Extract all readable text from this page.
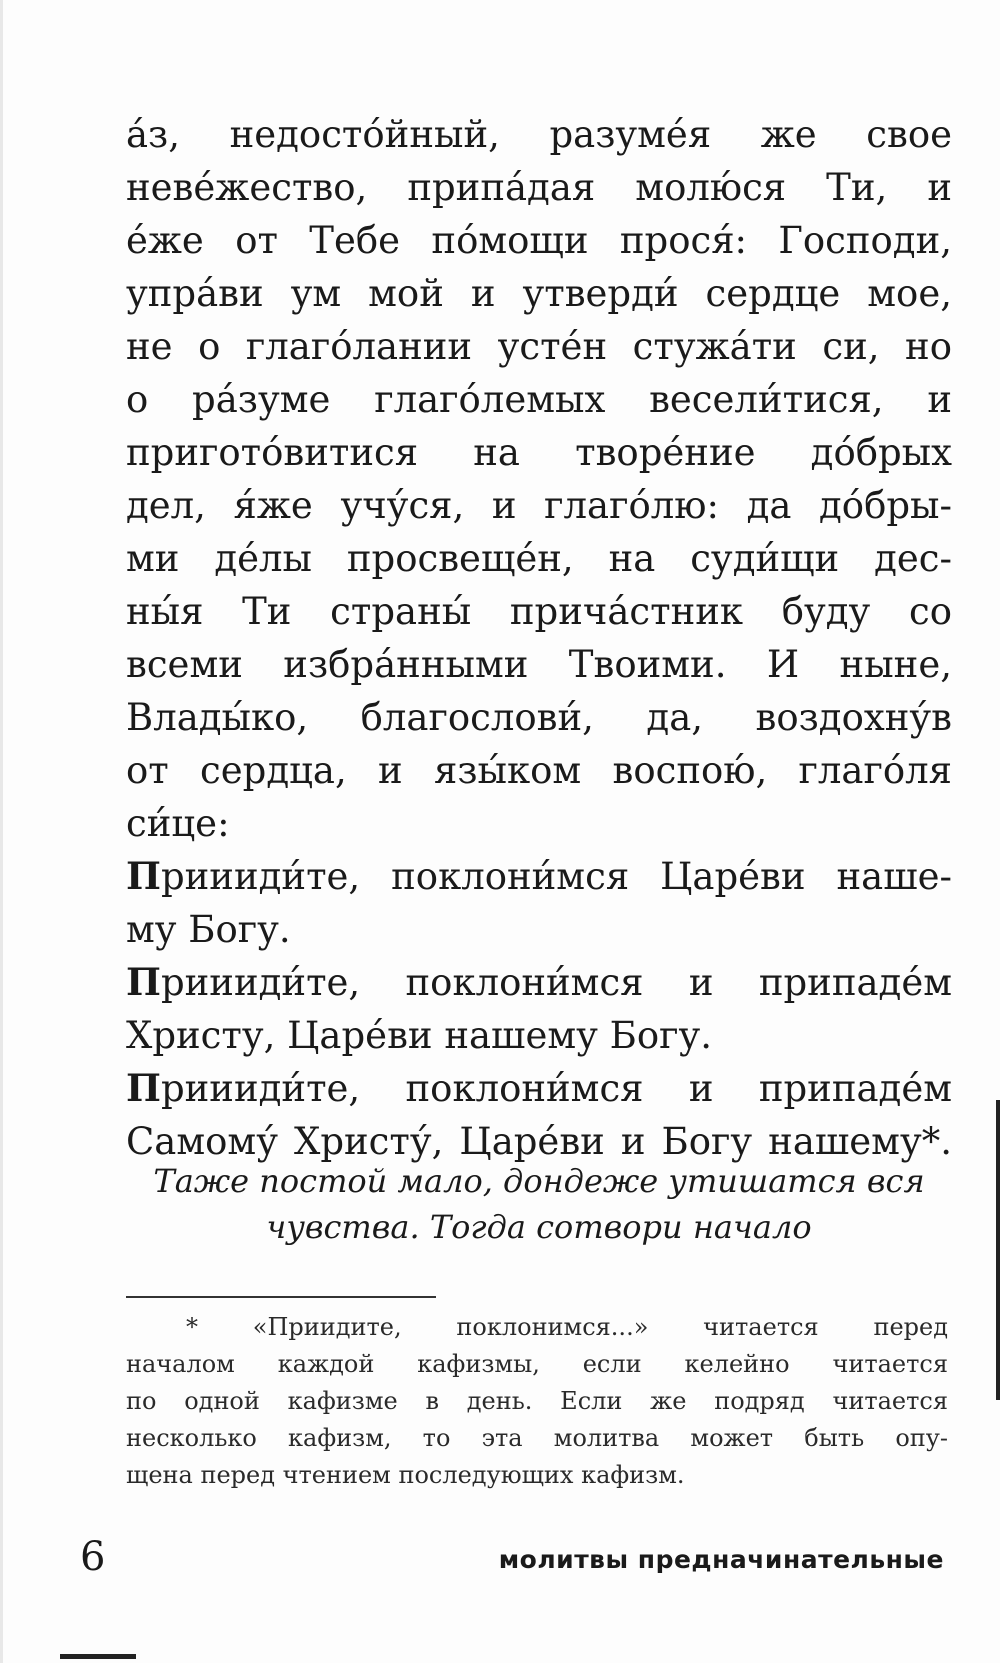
а́з, недосто́йный, разуме́я же свое
неве́жество, припа́дая молю́ся Ти, и
е́же от Тебе по́мощи прося́: Господи,
упра́ви ум мой и утверди́ сердце мое,
не о глаго́лании усте́н стужа́ти си, но
о ра́зуме глаго́лемых весели́тися, и
пригото́витися на творе́ние до́брых
дел, я́же учу́ся, и глаго́лю: да до́бры-
ми де́лы просвеще́н, на суди́щи дес-
ны́я Ти страны́ прича́стник буду со
всеми избра́нными Твоими. И ныне,
Влады́ко, благослови́, да, воздохну́в
от сердца, и язы́ком воспою́, глаго́ля
си́це:
Приииди́те, поклони́мся Царе́ви наше-
му Богу.
Приииди́те, поклони́мся и припаде́м
Христу, Царе́ви нашему Богу.
Приииди́те, поклони́мся и припаде́м
Самому́ Христу́, Царе́ви и Богу нашему*.
Таже постой мало, дондеже утишатся вся
чувства. Тогда сотвори начало
* «Приидите, поклонимся...» читается перед
началом каждой кафизмы, если келейно читается
по одной кафизме в день. Если же подряд читается
несколько кафизм, то эта молитва может быть опу-
щена перед чтением последующих кафизм.
6	молитвы предначинательные
